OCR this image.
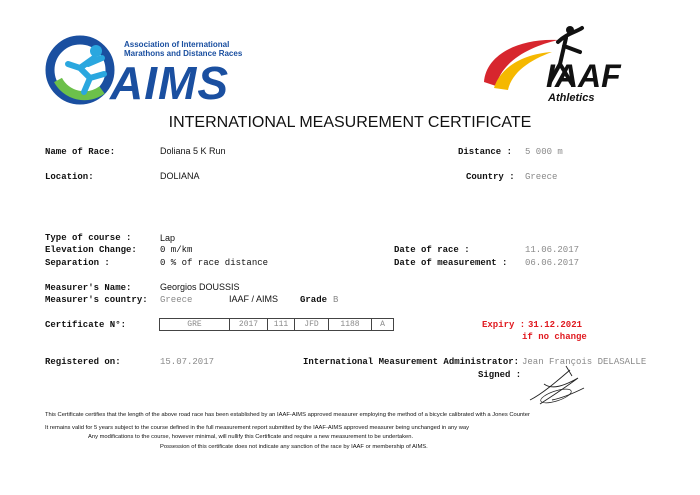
Association of International
Marathons and Distance Races
AIMS	IAAF
Athletics
INTERNATIONAL MEASUREMENT CERTIFICATE
Name of Race:	Doliana 5 K Run	Distance : 5 000 m
Location:	DOLIANA	Country : Greece
Type of course :	Lap
Elevation Change:	0 m/km	Date of race :	11.06.2017
Separation :	0 % of race distance	Date of measurement : 06.06.2017
Measurer's Name:	Georgios DOUSSIS
Measurer's country: Greece	IAAF / AIMS Grade B
Certificate N°:	GRE	2017	111	JFD	1188	A	Expiry : 31.12.2021
if no change
Registered on:	15.07.2017	International Measurement Administrator: Jean François DELASALLE
Signed :
This Certificate certifies that the length of the above road race has been established by an IAAF-AIMS approved measurer employing the method of a bicycle calibrated with a Jones Counter
It remains valid for 5 years subject to the course defined in the full measurement report submitted by the IAAF-AIMS approved measurer being unchanged in any way
Any modifications to the course, however minimal, will nullify this Certificate and require a new measurement to be undertaken.
Possession of this certificate does not indicate any sanction of the race by IAAF or membership of AIMS.
